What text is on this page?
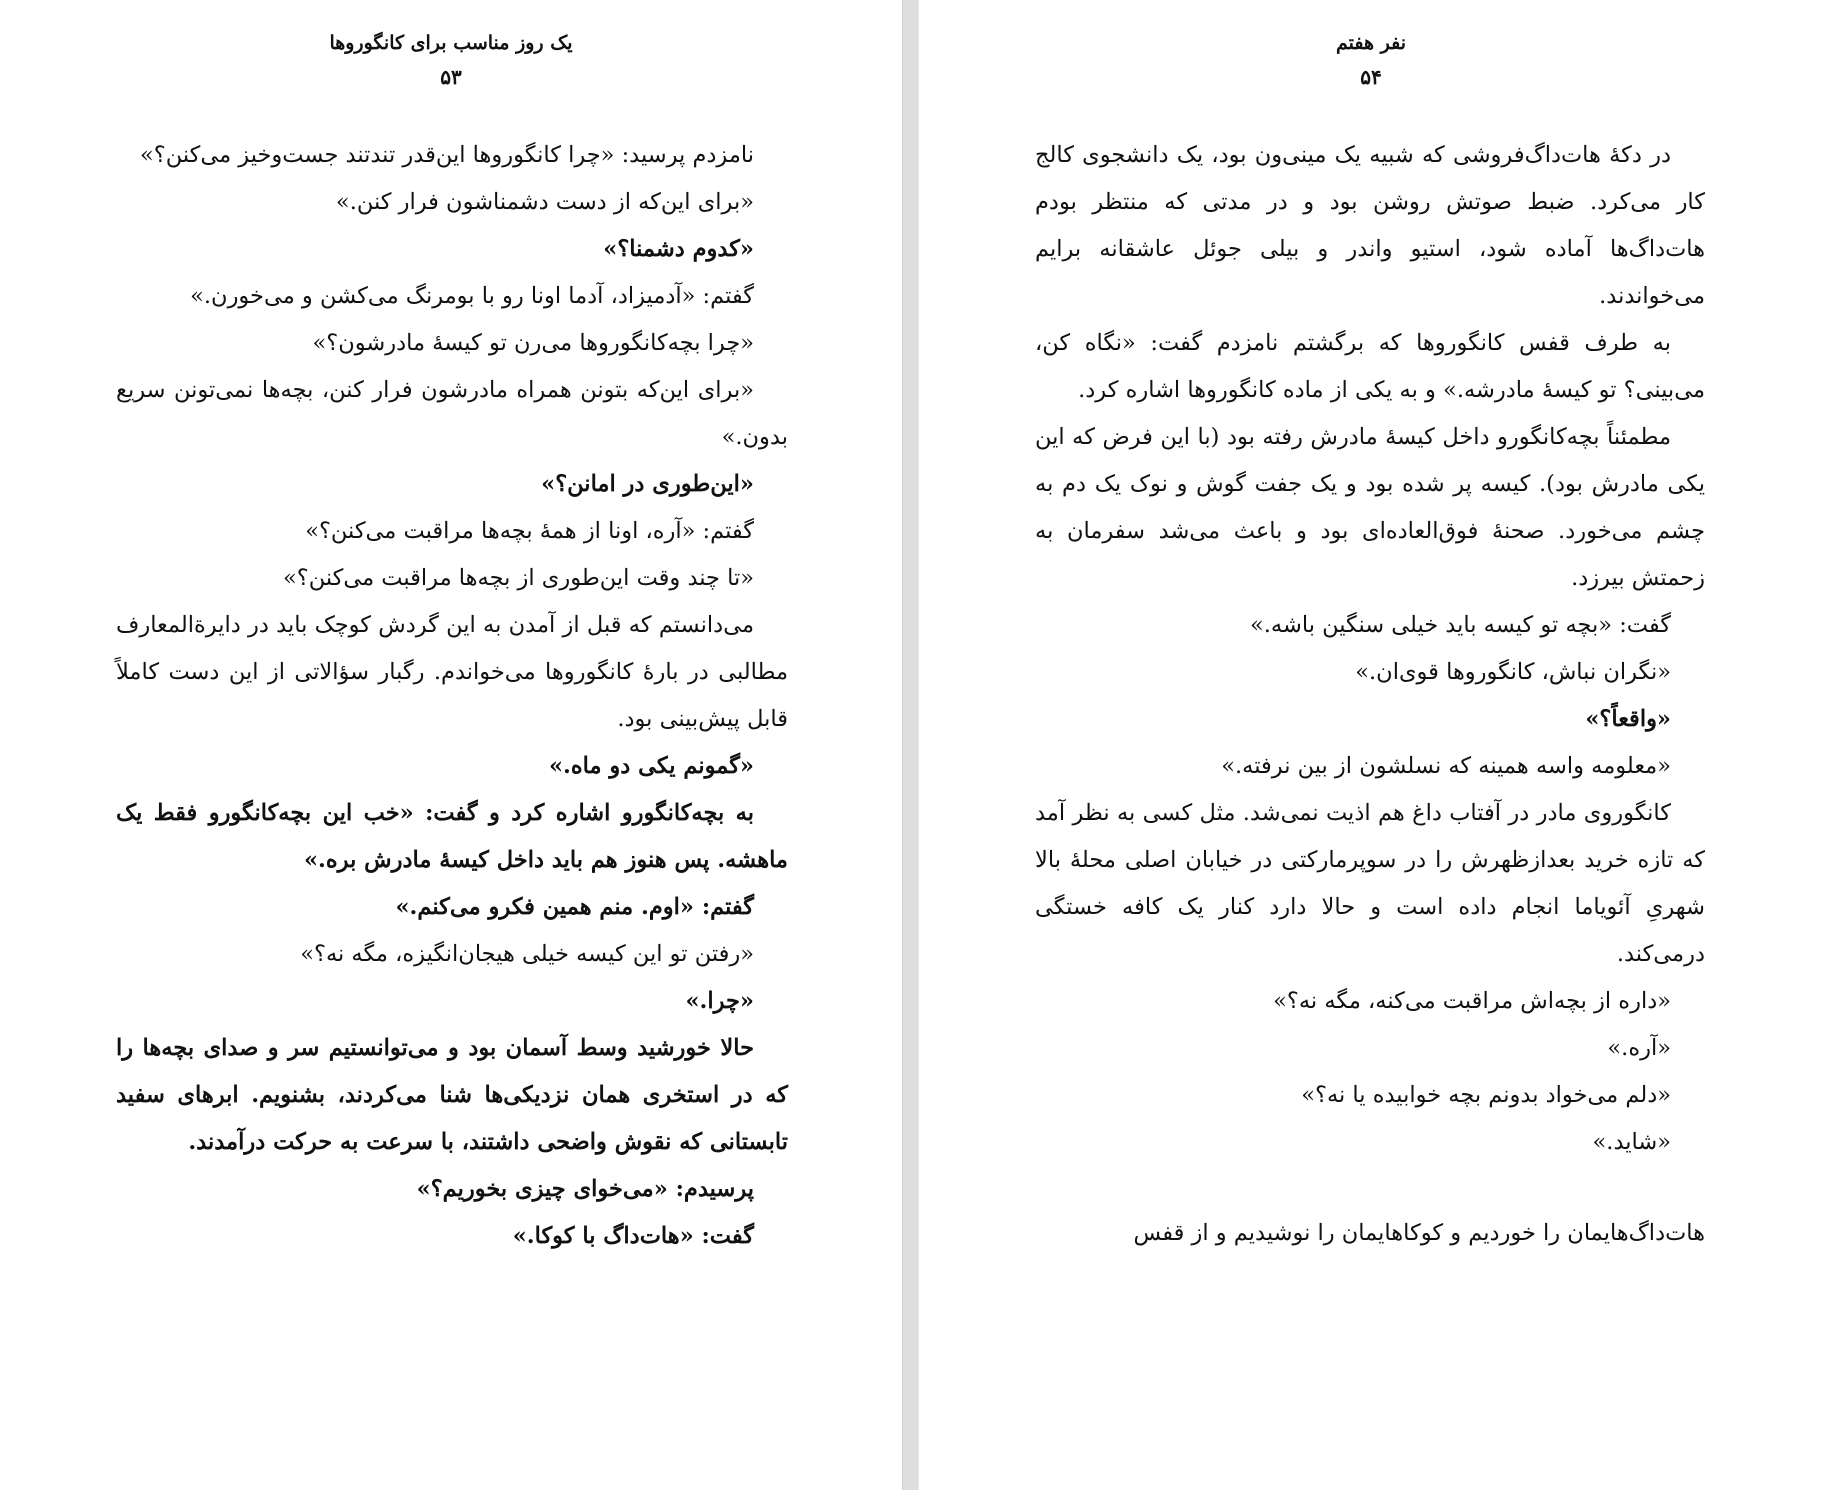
یک روز مناسب برای کانگوروها
۵۳
نامزدم پرسید: «چرا کانگوروها این‌قدر تندتند جست‌وخیز می‌کنن؟»
«برای این‌که از دست دشمناشون فرار کنن.»
«کدوم دشمنا؟»
گفتم: «آدمیزاد، آدما اونا رو با بومرنگ می‌کشن و می‌خورن.»
«چرا بچه‌کانگوروها می‌رن تو کیسهٔ مادرشون؟»
«برای این‌که بتونن همراه مادرشون فرار کنن، بچه‌ها نمی‌تونن سریع بدون.»
«این‌طوری در امانن؟»
گفتم: «آره، اونا از همهٔ بچه‌ها مراقبت می‌کنن؟»
«تا چند وقت این‌طوری از بچه‌ها مراقبت می‌کنن؟»
می‌دانستم که قبل از آمدن به این گردش کوچک باید در دایرةالمعارف مطالبی در بارهٔ کانگوروها می‌خواندم. رگبار سؤالاتی از این دست کاملاً قابل پیش‌بینی بود.
«گمونم یکی دو ماه.»
به بچه‌کانگورو اشاره کرد و گفت: «خب این بچه‌کانگورو فقط یک ماهشه. پس هنوز هم باید داخل کیسهٔ مادرش بره.»
گفتم: «اوم. منم همین فکرو می‌کنم.»
«رفتن تو این کیسه خیلی هیجان‌انگیزه، مگه نه؟»
«چرا.»
حالا خورشید وسط آسمان بود و می‌توانستیم سر و صدای بچه‌ها را که در استخری همان نزدیکی‌ها شنا می‌کردند، بشنویم. ابرهای سفید تابستانی که نقوش واضحی داشتند، با سرعت به حرکت درآمدند.
پرسیدم: «می‌خوای چیزی بخوریم؟»
گفت: «هات‌داگ با کوکا.»
نفر هفتم
۵۴
در دکهٔ هات‌داگ‌فروشی که شبیه یک مینی‌ون بود، یک دانشجوی کالج کار می‌کرد. ضبط صوتش روشن بود و در مدتی که منتظر بودم هات‌داگ‌ها آماده شود، استیو واندر و بیلی جوئل عاشقانه برایم می‌خواندند.
به طرف قفس کانگوروها که برگشتم نامزدم گفت: «نگاه کن، می‌بینی؟ تو کیسهٔ مادرشه.» و به یکی از ماده کانگوروها اشاره کرد.
مطمئناً بچه‌کانگورو داخل کیسهٔ مادرش رفته بود (با این فرض که این یکی مادرش بود). کیسه پر شده بود و یک جفت گوش و نوک یک دم به چشم می‌خورد. صحنهٔ فوق‌العاده‌ای بود و باعث می‌شد سفرمان به زحمتش بیرزد.
گفت: «بچه تو کیسه باید خیلی سنگین باشه.»
«نگران نباش، کانگوروها قوی‌ان.»
«واقعاً؟»
«معلومه واسه همینه که نسلشون از بین نرفته.»
کانگوروی مادر در آفتاب داغ هم اذیت نمی‌شد. مثل کسی به نظر آمد که تازه خرید بعدازظهرش را در سوپرمارکتی در خیابان اصلی محلهٔ بالا شهریِ آئویاما انجام داده است و حالا دارد کنار یک کافه خستگی درمی‌کند.
«داره از بچه‌اش مراقبت می‌کنه، مگه نه؟»
«آره.»
«دلم می‌خواد بدونم بچه خوابیده یا نه؟»
«شاید.»
هات‌داگ‌هایمان را خوردیم و کوکاهایمان را نوشیدیم و از قفس
